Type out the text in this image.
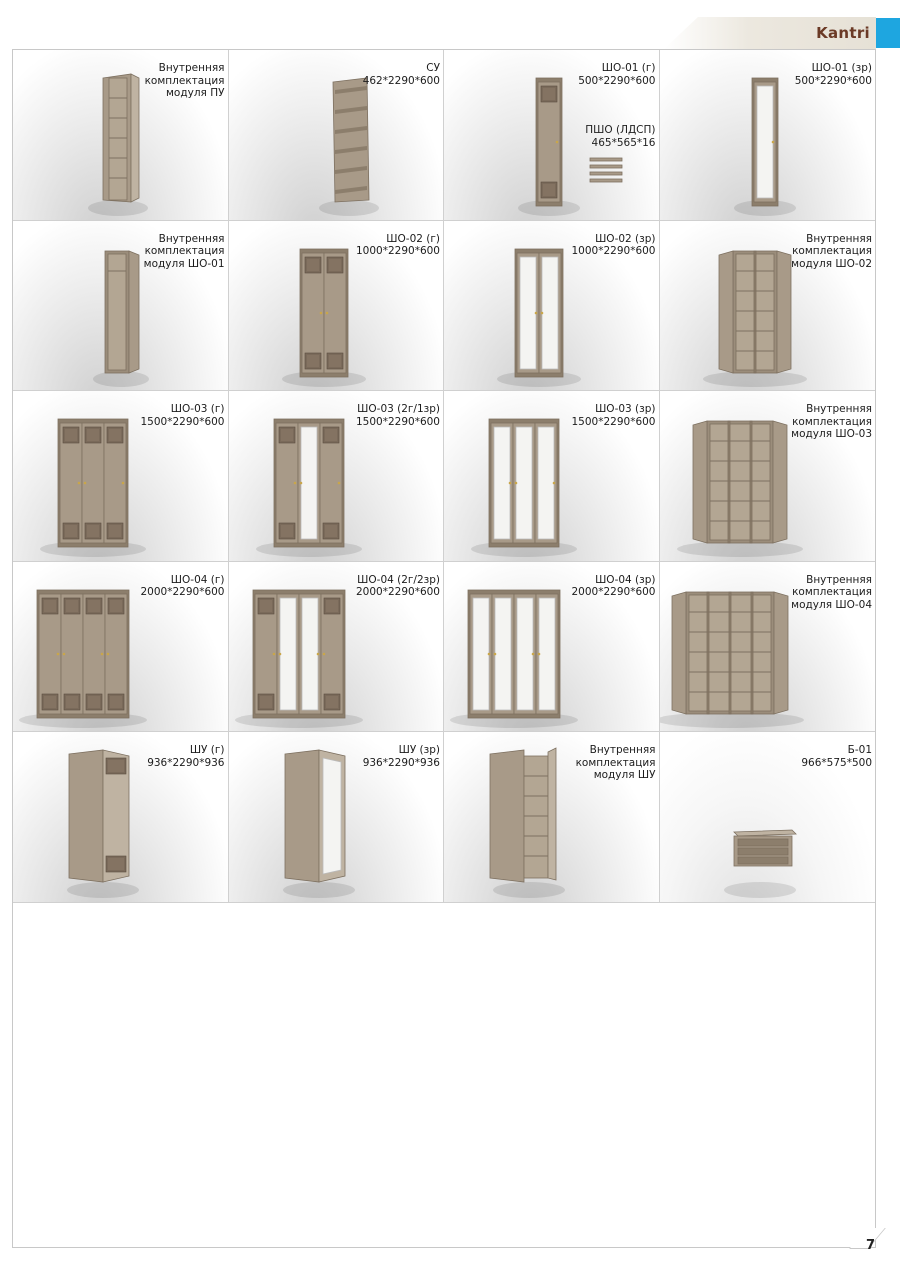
Kantri
Внутренняя
комплектация
модуля ПУ
СУ
462*2290*600
ШО-01 (г)
500*2290*600
ПШО (ЛДСП)
465*565*16
ШО-01 (зр)
500*2290*600
Внутренняя
комплектация
модуля ШО-01
ШО-02 (г)
1000*2290*600
ШО-02 (зр)
1000*2290*600
Внутренняя
комплектация
модуля ШО-02
ШО-03 (г)
1500*2290*600
ШО-03 (2г/1зр)
1500*2290*600
ШО-03 (зр)
1500*2290*600
Внутренняя
комплектация
модуля ШО-03
ШО-04 (г)
2000*2290*600
ШО-04 (2г/2зр)
2000*2290*600
ШО-04 (зр)
2000*2290*600
Внутренняя
комплектация
модуля ШО-04
ШУ (г)
936*2290*936
ШУ (зр)
936*2290*936
Внутренняя
комплектация
модуля ШУ
Б-01
966*575*500
7
